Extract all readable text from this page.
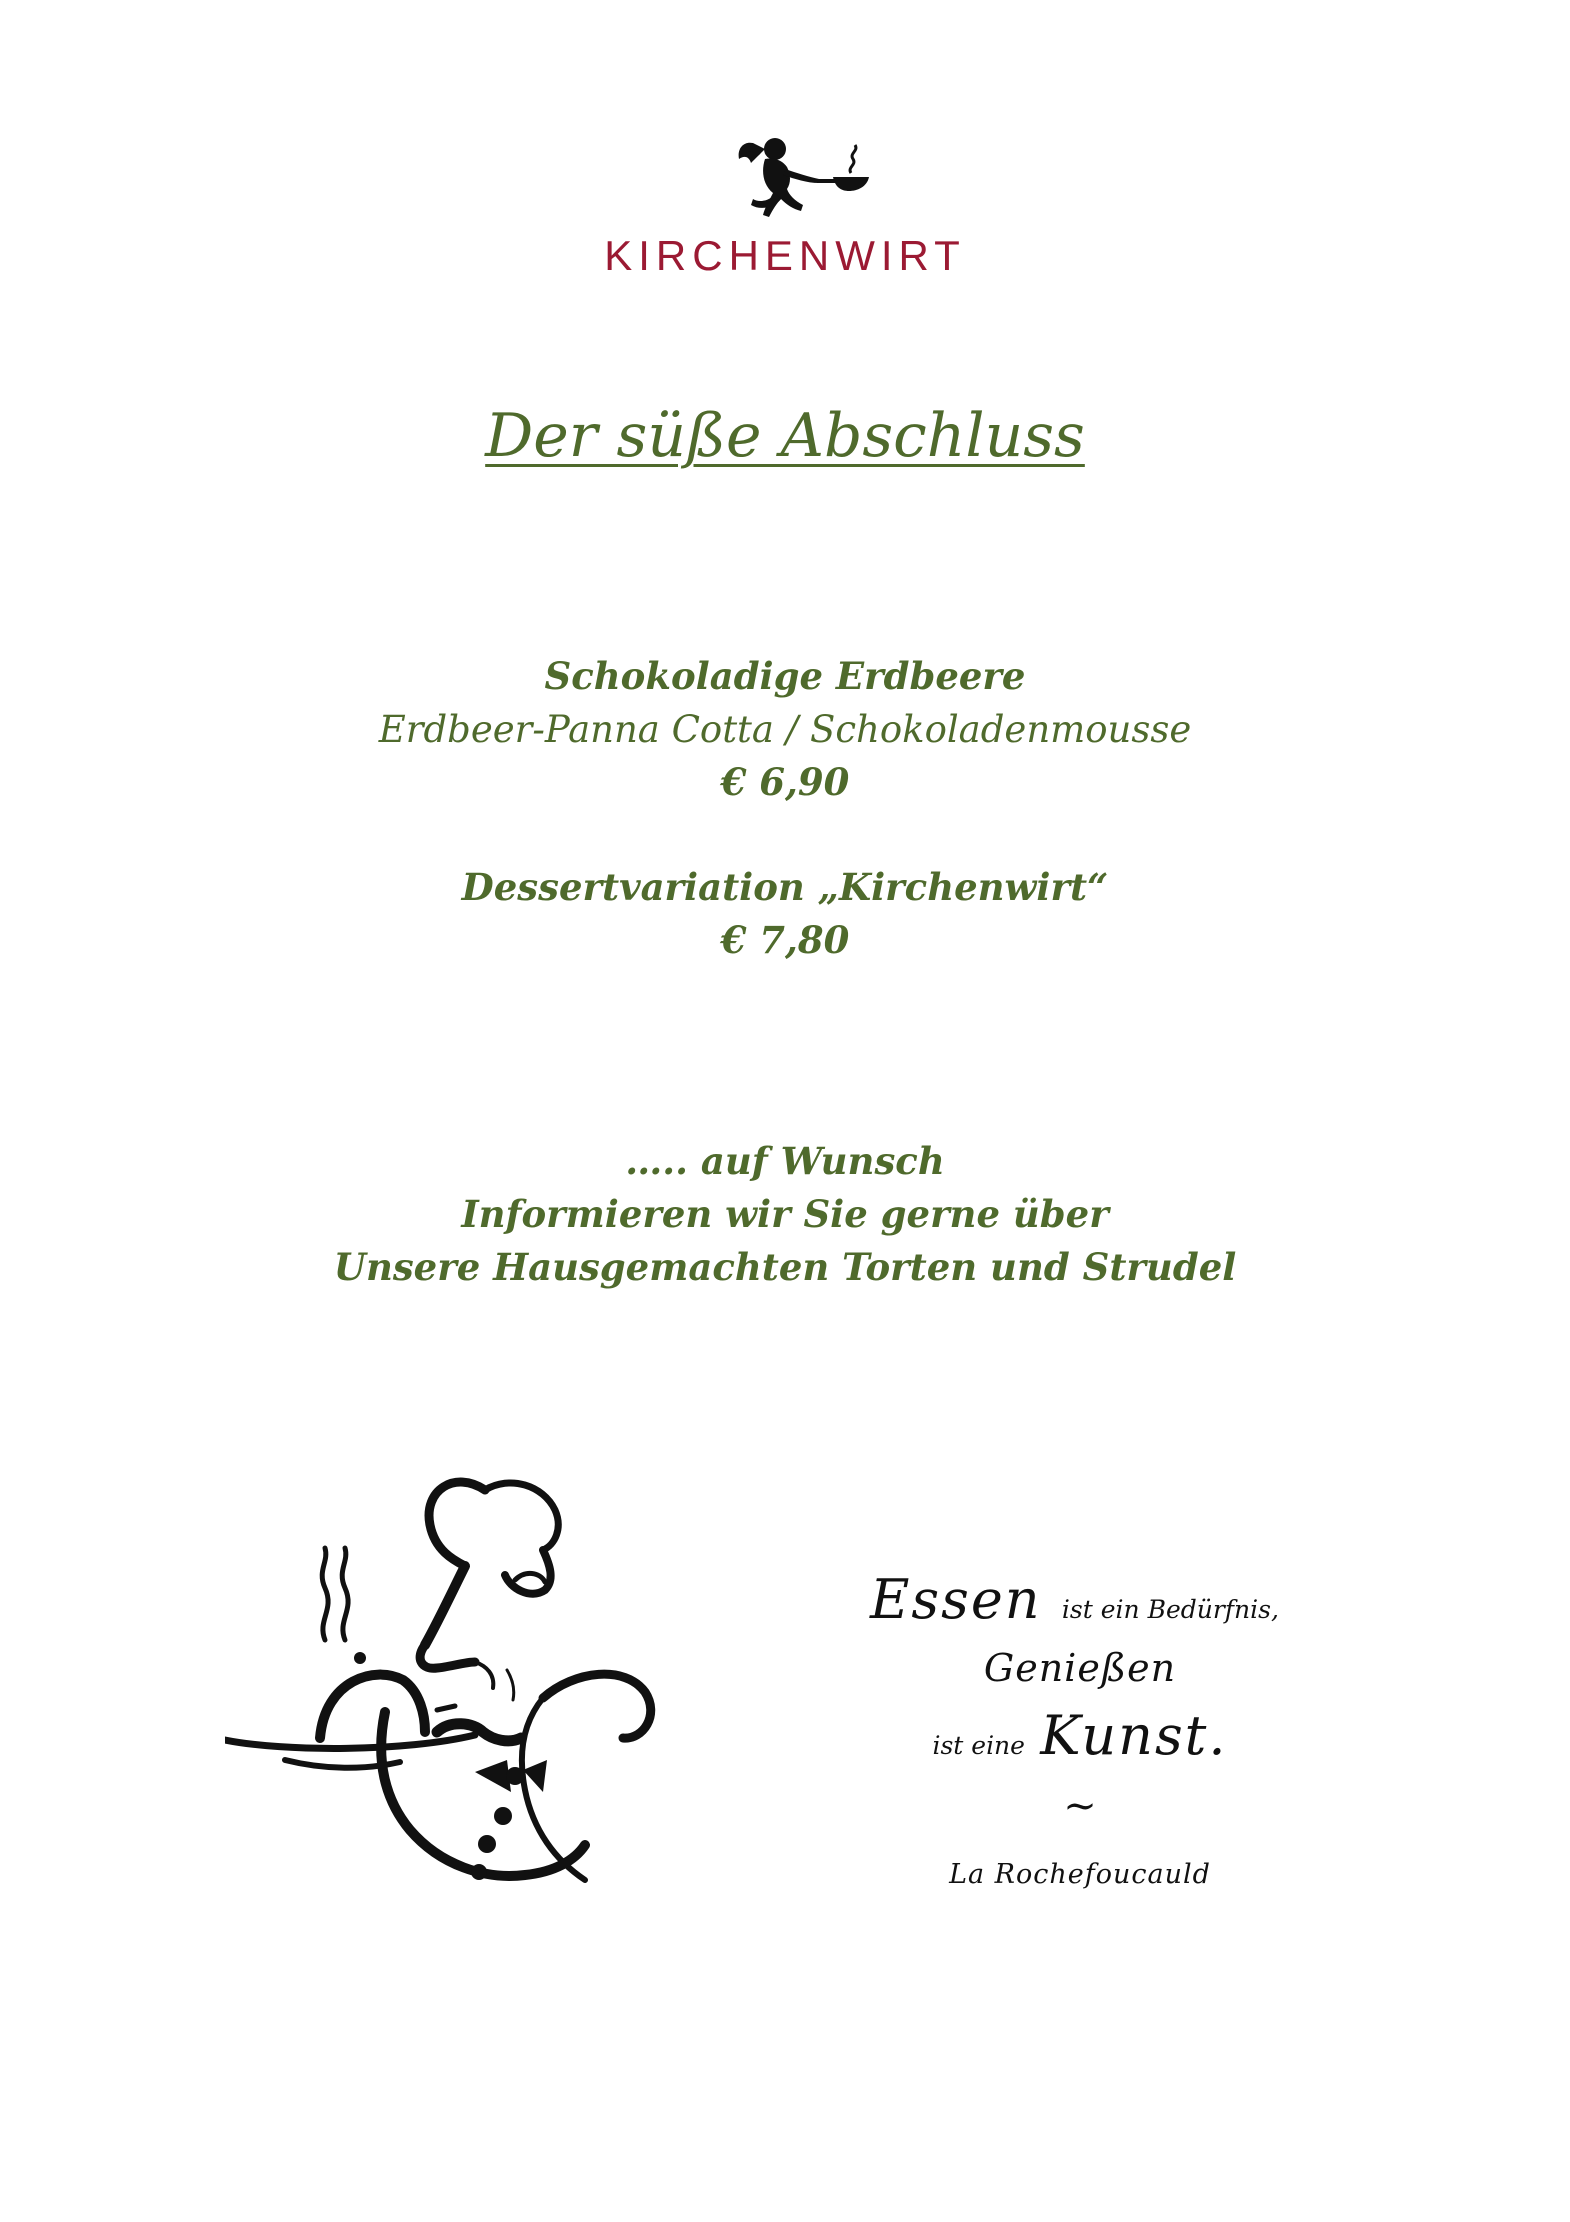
KIRCHENWIRT
Der süße Abschluss
Schokoladige Erdbeere
Erdbeer-Panna Cotta / Schokoladenmousse
€ 6,90
Dessertvariation „Kirchenwirt“
€ 7,80
….. auf Wunsch
Informieren wir Sie gerne über
Unsere Hausgemachten Torten und Strudel
Essen ist ein Bedürfnis,
Genießen
ist eine Kunst.
~
La Rochefoucauld
